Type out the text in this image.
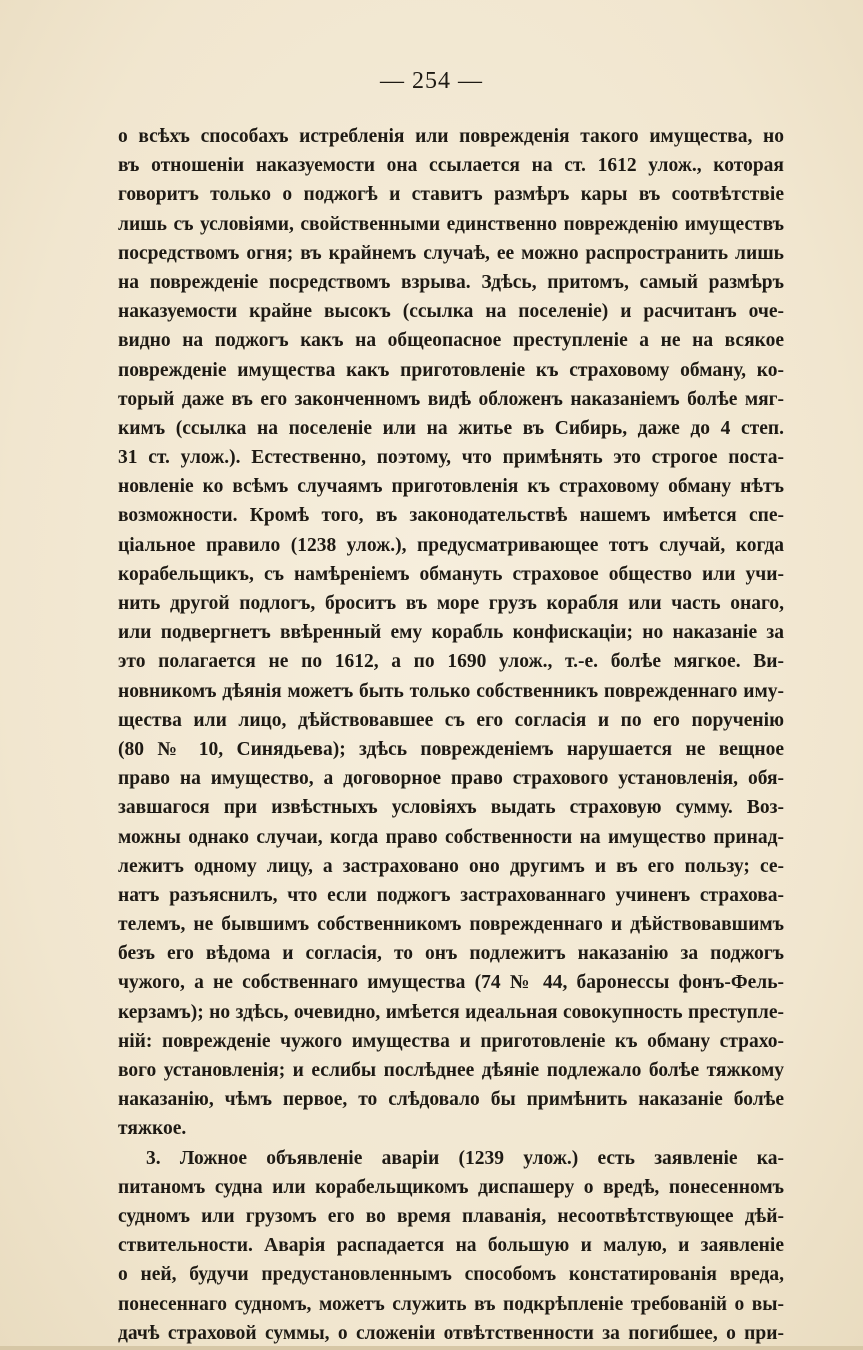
— 254 —
о всѣхъ способахъ истребленія или поврежденія такого имущества, но
въ отношеніи наказуемости она ссылается на ст. 1612 улож., которая
говоритъ только о поджогѣ и ставитъ размѣръ кары въ соотвѣтствіе
лишь съ условіями, свойственными единственно поврежденію имуществъ
посредствомъ огня; въ крайнемъ случаѣ, ее можно распространить лишь
на поврежденіе посредствомъ взрыва. Здѣсь, притомъ, самый размѣръ
наказуемости крайне высокъ (ссылка на поселеніе) и расчитанъ оче-
видно на поджогъ какъ на общеопасное преступленіе а не на всякое
поврежденіе имущества какъ приготовленіе къ страховому обману, ко-
торый даже въ его законченномъ видѣ обложенъ наказаніемъ болѣе мяг-
кимъ (ссылка на поселеніе или на житье въ Сибирь, даже до 4 степ.
31 ст. улож.). Естественно, поэтому, что примѣнять это строгое поста-
новленіе ко всѣмъ случаямъ приготовленія къ страховому обману нѣтъ
возможности. Кромѣ того, въ законодательствѣ нашемъ имѣется спе-
ціальное правило (1238 улож.), предусматривающее тотъ случай, когда
корабельщикъ, съ намѣреніемъ обмануть страховое общество или учи-
нить другой подлогъ, броситъ въ море грузъ корабля или часть онаго,
или подвергнетъ ввѣренный ему корабль конфискаціи; но наказаніе за
это полагается не по 1612, а по 1690 улож., т.-е. болѣе мягкое. Ви-
новникомъ дѣянія можетъ быть только собственникъ поврежденнаго иму-
щества или лицо, дѣйствовавшее съ его согласія и по его порученію
(80 № 10, Синядьева); здѣсь поврежденіемъ нарушается не вещное
право на имущество, а договорное право страхового установленія, обя-
завшагося при извѣстныхъ условіяхъ выдать страховую сумму. Воз-
можны однако случаи, когда право собственности на имущество принад-
лежитъ одному лицу, а застраховано оно другимъ и въ его пользу; се-
натъ разъяснилъ, что если поджогъ застрахованнаго учиненъ страхова-
телемъ, не бывшимъ собственникомъ поврежденнаго и дѣйствовавшимъ
безъ его вѣдома и согласія, то онъ подлежитъ наказанію за поджогъ
чужого, а не собственнаго имущества (74 № 44, баронессы фонъ-Фель-
керзамъ); но здѣсь, очевидно, имѣется идеальная совокупность преступле-
ній: поврежденіе чужого имущества и приготовленіе къ обману страхо-
вого установленія; и еслибы послѣднее дѣяніе подлежало болѣе тяжкому
наказанію, чѣмъ первое, то слѣдовало бы примѣнить наказаніе болѣе
тяжкое.
3. Ложное объявленіе аваріи (1239 улож.) есть заявленіе ка-
питаномъ судна или корабельщикомъ диспашеру о вредѣ, понесенномъ
судномъ или грузомъ его во время плаванія, несоотвѣтствующее дѣй-
ствительности. Аварія распадается на большую и малую, и заявленіе
о ней, будучи предустановленнымъ способомъ констатированія вреда,
понесеннаго судномъ, можетъ служить въ подкрѣпленіе требованій о вы-
дачѣ страховой суммы, о сложеніи отвѣтственности за погибшее, о при-
